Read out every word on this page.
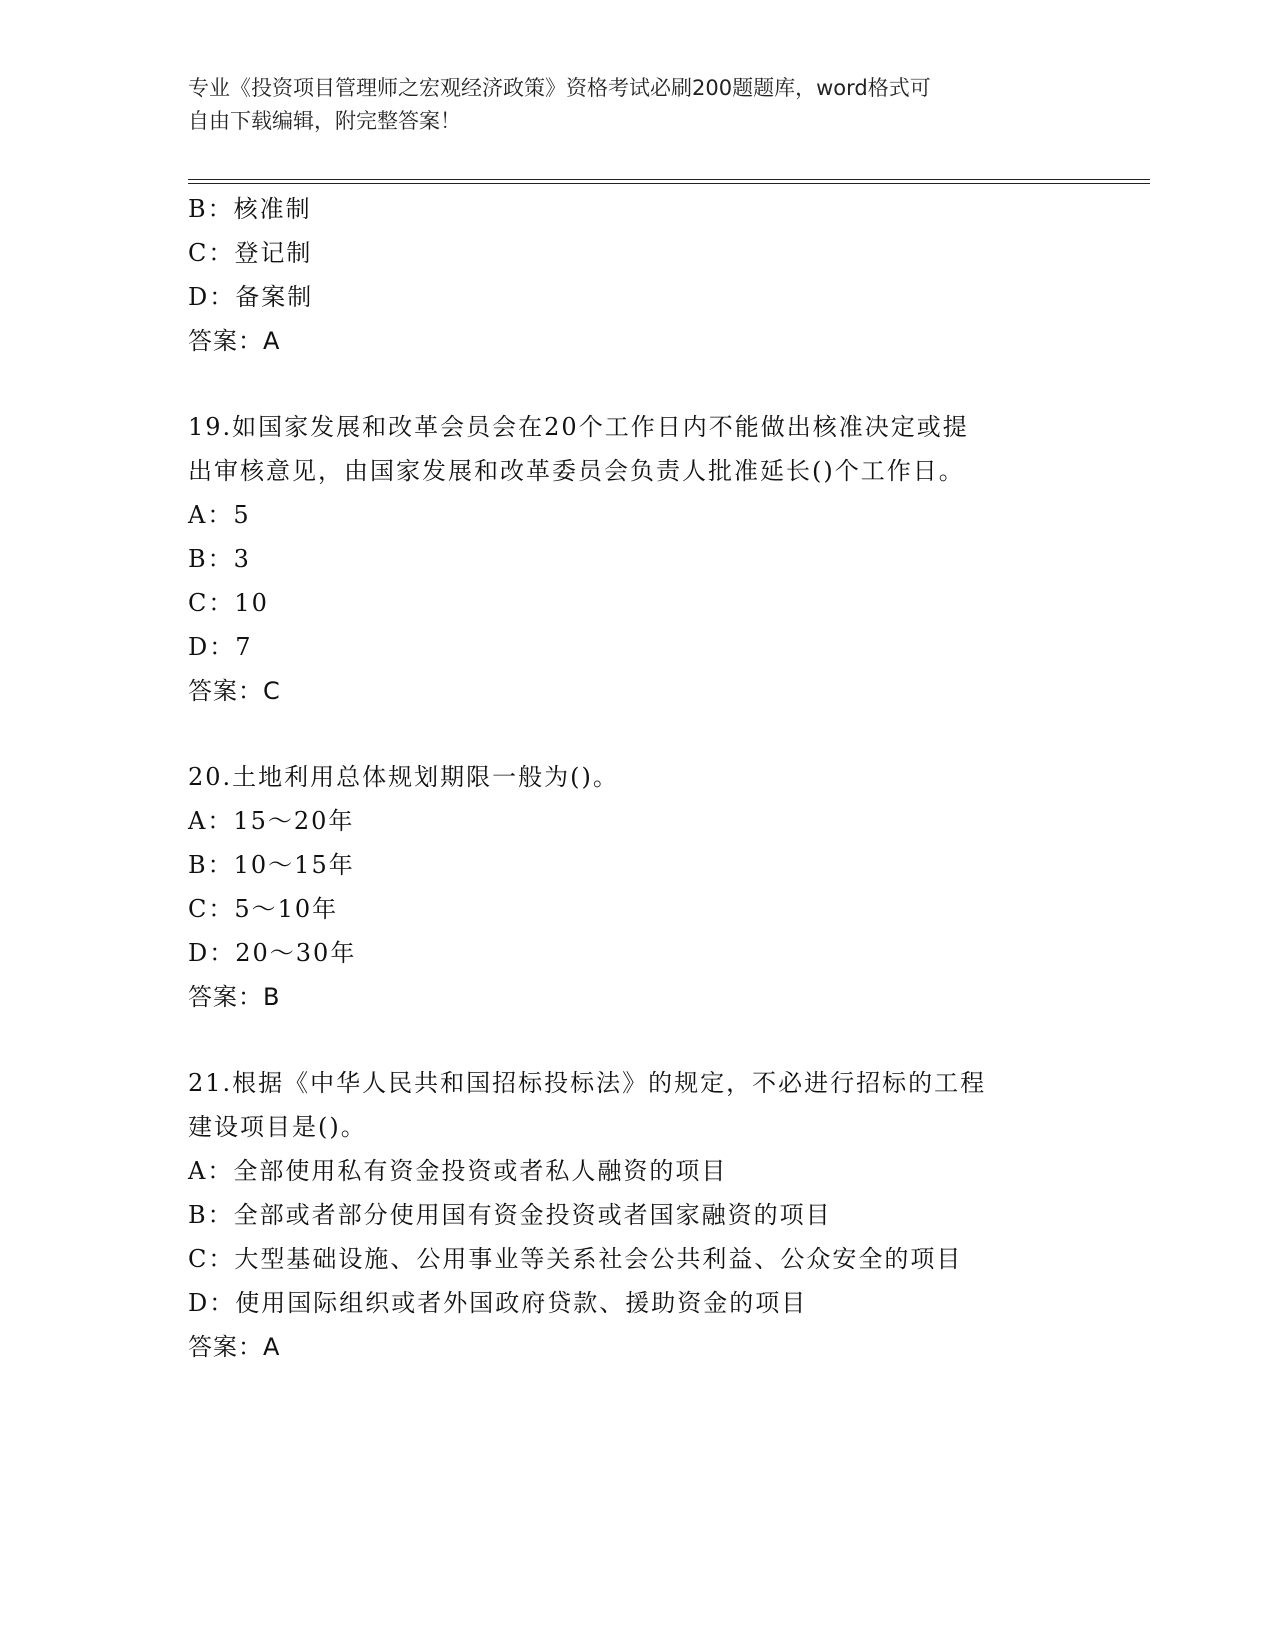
专业《投资项目管理师之宏观经济政策》资格考试必刷200题题库，word格式可
自由下载编辑，附完整答案！
B：核准制
C：登记制
D：备案制
答案：A
19.如国家发展和改革会员会在20个工作日内不能做出核准决定或提
出审核意见，由国家发展和改革委员会负责人批准延长()个工作日。
A：5
B：3
C：10
D：7
答案：C
20.土地利用总体规划期限一般为()。
A：15～20年
B：10～15年
C：5～10年
D：20～30年
答案：B
21.根据《中华人民共和国招标投标法》的规定，不必进行招标的工程
建设项目是()。
A：全部使用私有资金投资或者私人融资的项目
B：全部或者部分使用国有资金投资或者国家融资的项目
C：大型基础设施、公用事业等关系社会公共利益、公众安全的项目
D：使用国际组织或者外国政府贷款、援助资金的项目
答案：A
